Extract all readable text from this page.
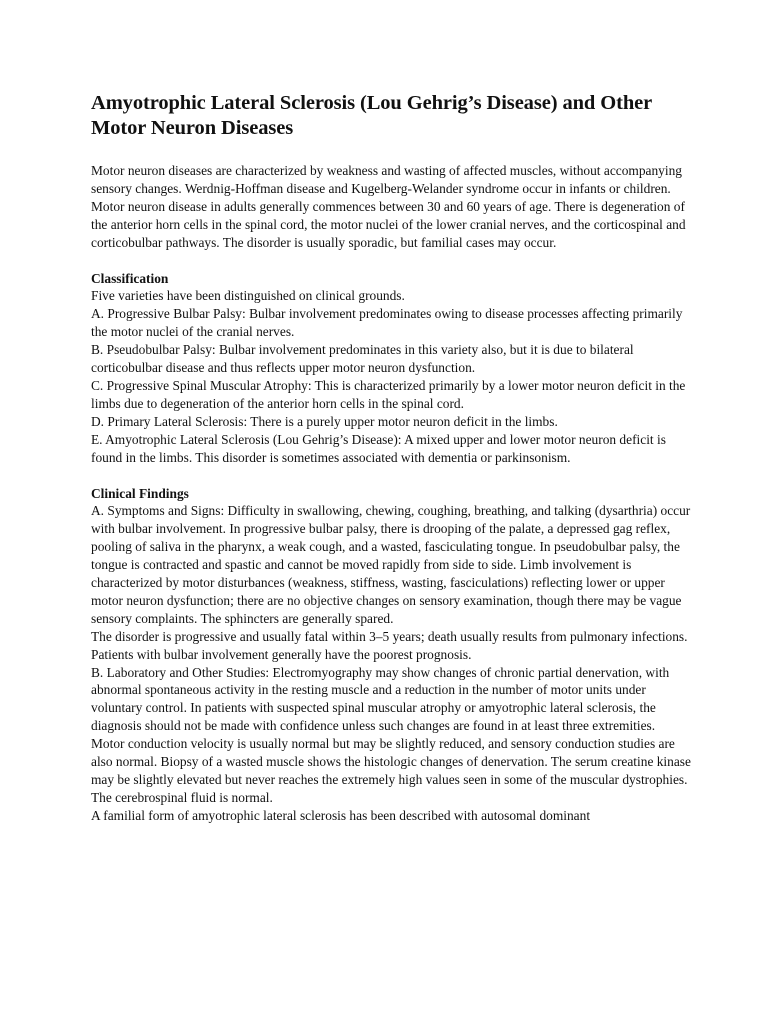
Amyotrophic Lateral Sclerosis (Lou Gehrig’s Disease) and Other Motor Neuron Diseases

Motor neuron diseases are characterized by weakness and wasting of affected muscles, without accompanying sensory changes. Werdnig-Hoffman disease and Kugelberg-Welander syndrome occur in infants or children. Motor neuron disease in adults generally commences between 30 and 60 years of age. There is degeneration of the anterior horn cells in the spinal cord, the motor nuclei of the lower cranial nerves, and the corticospinal and corticobulbar pathways. The disorder is usually sporadic, but familial cases may occur.

Classification

Five varieties have been distinguished on clinical grounds.

A. Progressive Bulbar Palsy: Bulbar involvement predominates owing to disease processes affecting primarily the motor nuclei of the cranial nerves.

B. Pseudobulbar Palsy: Bulbar involvement predominates in this variety also, but it is due to bilateral corticobulbar disease and thus reflects upper motor neuron dysfunction.

C. Progressive Spinal Muscular Atrophy: This is characterized primarily by a lower motor neuron deficit in the limbs due to degeneration of the anterior horn cells in the spinal cord.

D. Primary Lateral Sclerosis: There is a purely upper motor neuron deficit in the limbs.

E. Amyotrophic Lateral Sclerosis (Lou Gehrig’s Disease): A mixed upper and lower motor neuron deficit is found in the limbs. This disorder is sometimes associated with dementia or parkinsonism.

Clinical Findings

A. Symptoms and Signs: Difficulty in swallowing, chewing, coughing, breathing, and talking (dysarthria) occur with bulbar involvement. In progressive bulbar palsy, there is drooping of the palate, a depressed gag reflex, pooling of saliva in the pharynx, a weak cough, and a wasted, fasciculating tongue. In pseudobulbar palsy, the tongue is contracted and spastic and cannot be moved rapidly from side to side. Limb involvement is characterized by motor disturbances (weakness, stiffness, wasting, fasciculations) reflecting lower or upper motor neuron dysfunction; there are no objective changes on sensory examination, though there may be vague sensory complaints. The sphincters are generally spared.

The disorder is progressive and usually fatal within 3–5 years; death usually results from pulmonary infections. Patients with bulbar involvement generally have the poorest prognosis.

B. Laboratory and Other Studies: Electromyography may show changes of chronic partial denervation, with abnormal spontaneous activity in the resting muscle and a reduction in the number of motor units under voluntary control. In patients with suspected spinal muscular atrophy or amyotrophic lateral sclerosis, the diagnosis should not be made with confidence unless such changes are found in at least three extremities. Motor conduction velocity is usually normal but may be slightly reduced, and sensory conduction studies are also normal. Biopsy of a wasted muscle shows the histologic changes of denervation. The serum creatine kinase may be slightly elevated but never reaches the extremely high values seen in some of the muscular dystrophies. The cerebrospinal fluid is normal.

A familial form of amyotrophic lateral sclerosis has been described with autosomal dominant
